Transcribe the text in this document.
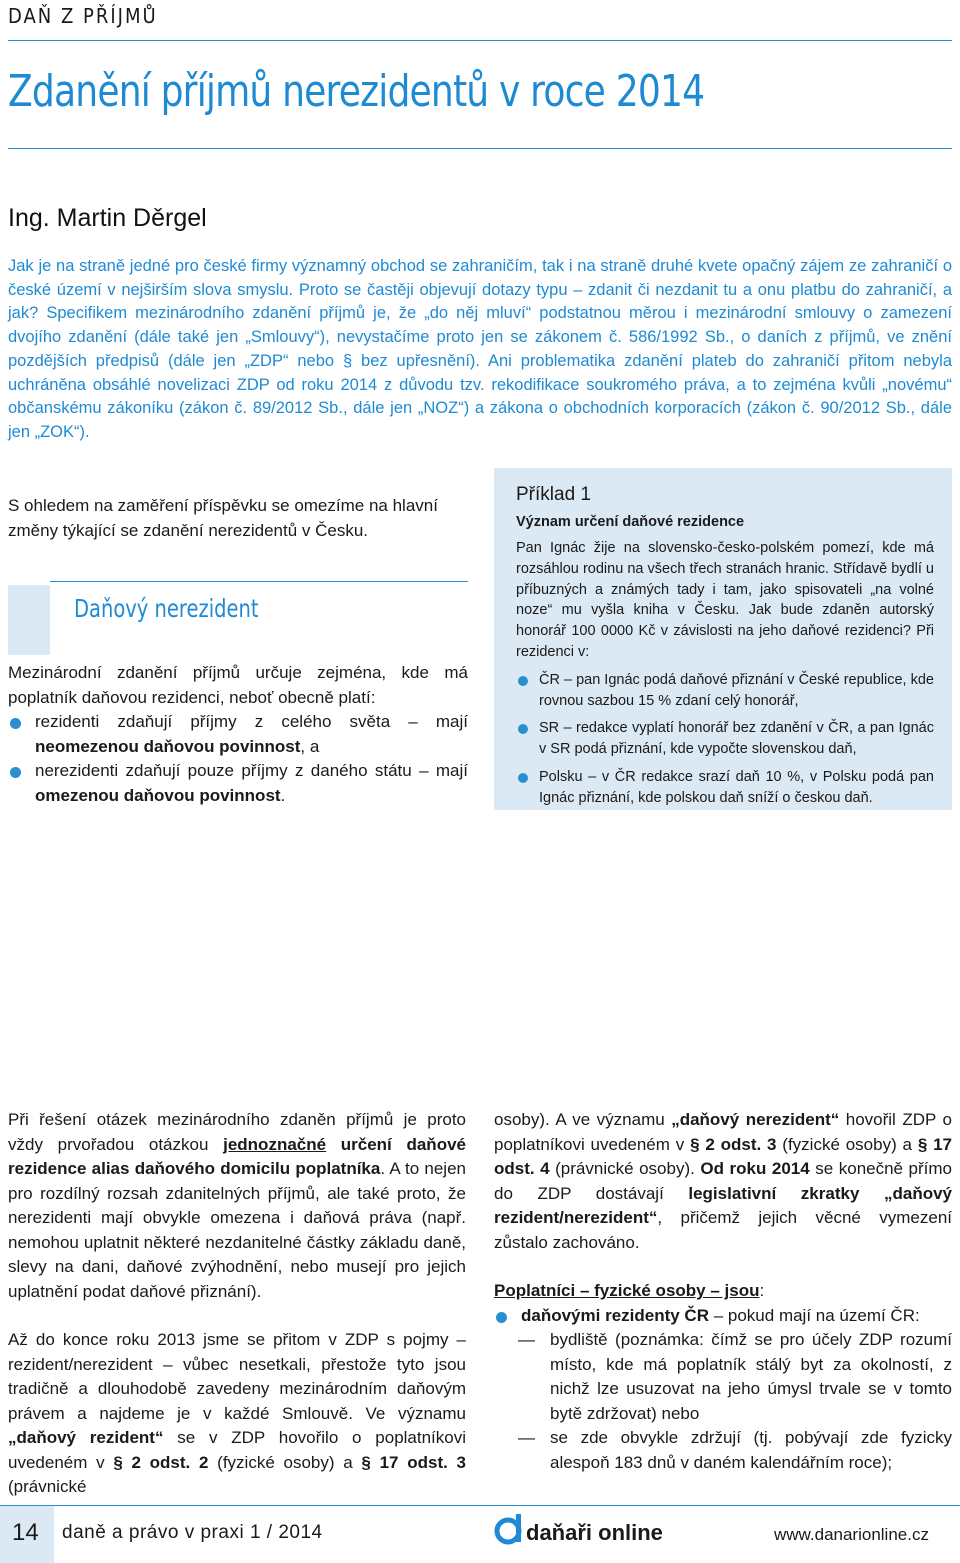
DAŇ Z PŘÍJMŮ
Zdanění příjmů nerezidentů v roce 2014
Ing. Martin Děrgel
Jak je na straně jedné pro české firmy významný obchod se zahraničím, tak i na straně druhé kvete opačný zájem ze zahraničí o české území v nejširším slova smyslu. Proto se častěji objevují dotazy typu – zdanit či nezdanit tu a onu platbu do zahraničí, a jak? Specifikem mezinárodního zdanění příjmů je, že „do něj mluví“ podstatnou měrou i mezinárodní smlouvy o zamezení dvojího zdanění (dále také jen „Smlouvy“), nevystačíme proto jen se zákonem č. 586/1992 Sb., o daních z příjmů, ve znění pozdějších předpisů (dále jen „ZDP“ nebo § bez upřesnění). Ani problematika zdanění plateb do zahraničí přitom nebyla uchráněna obsáhlé novelizaci ZDP od roku 2014 z důvodu tzv. rekodifikace soukromého práva, a to zejména kvůli „novému“ občanskému zákoníku (zákon č. 89/2012 Sb., dále jen „NOZ“) a zákona o obchodních korporacích (zákon č. 90/2012 Sb., dále jen „ZOK“).
S ohledem na zaměření příspěvku se omezíme na hlavní změny týkající se zdanění nerezidentů v Česku.
Daňový nerezident
Mezinárodní zdanění příjmů určuje zejména, kde má poplatník daňovou rezidenci, neboť obecně platí:
rezidenti zdaňují příjmy z celého světa – mají neomezenou daňovou povinnost, a
nerezidenti zdaňují pouze příjmy z daného státu – mají omezenou daňovou povinnost.
Příklad 1
Význam určení daňové rezidence
Pan Ignác žije na slovensko-česko-polském pomezí, kde má rozsáhlou rodinu na všech třech stranách hranic. Střídavě bydlí u příbuzných a známých tady i tam, jako spisovateli „na volné noze“ mu vyšla kniha v Česku. Jak bude zdaněn autorský honorář 100 0000 Kč v závislosti na jeho daňové rezidenci? Při rezidenci v:
ČR – pan Ignác podá daňové přiznání v České republice, kde rovnou sazbou 15 % zdaní celý honorář,
SR – redakce vyplatí honorář bez zdanění v ČR, a pan Ignác v SR podá přiznání, kde vypočte slovenskou daň,
Polsku – v ČR redakce srazí daň 10 %, v Polsku podá pan Ignác přiznání, kde polskou daň sníží o českou daň.

Při řešení otázek mezinárodního zdaněn příjmů je proto vždy prvořadou otázkou jednoznačné určení daňové rezidence alias daňového domicilu poplatníka. A to nejen pro rozdílný rozsah zdanitelných příjmů, ale také proto, že nerezidenti mají obvykle omezena i daňová práva (např. nemohou uplatnit některé nezdanitelné částky základu daně, slevy na dani, daňové zvýhodnění, nebo musejí pro jejich uplatnění podat daňové přiznání).

Až do konce roku 2013 jsme se přitom v ZDP s pojmy – rezident/nerezident – vůbec nesetkali, přestože tyto jsou tradičně a dlouhodobě zavedeny mezinárodním daňovým právem a najdeme je v každé Smlouvě. Ve významu „daňový rezident“ se v ZDP hovořilo o poplatníkovi uvedeném v § 2 odst. 2 (fyzické osoby) a § 17 odst. 3 (právnické

osoby). A ve významu „daňový nerezident“ hovořil ZDP o poplatníkovi uvedeném v § 2 odst. 3 (fyzické osoby) a § 17 odst. 4 (právnické osoby). Od roku 2014 se konečně přímo do ZDP dostávají legislativní zkratky „daňový rezident/nerezident“, přičemž jejich věcné vymezení zůstalo zachováno.

Poplatníci – fyzické osoby – jsou:

daňovými rezidenty ČR – pokud mají na území ČR:
— bydliště (poznámka: čímž se pro účely ZDP rozumí místo, kde má poplatník stálý byt za okolností, z nichž lze usuzovat na jeho úmysl trvale se v tomto bytě zdržovat) nebo
— se zde obvykle zdržují (tj. pobývají zde fyzicky alespoň 183 dnů v daném kalendářním roce);
14 daně a právo v praxi 1 / 2014	daňaři online	www.danarionline.cz
